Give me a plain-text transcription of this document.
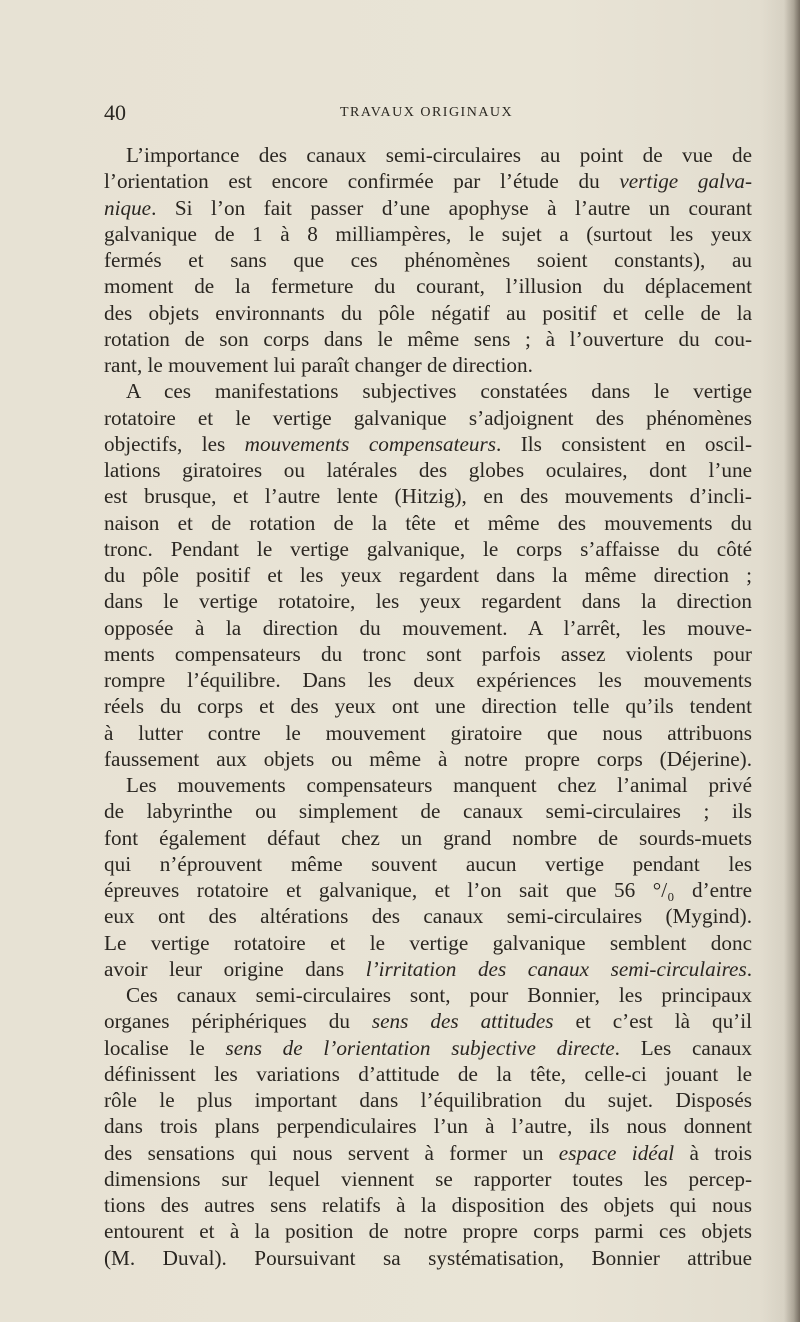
40	TRAVAUX ORIGINAUX
L’importance des canaux semi-circulaires au point de vue de
l’orientation est encore confirmée par l’étude du vertige galva-
nique. Si l’on fait passer d’une apophyse à l’autre un courant
galvanique de 1 à 8 milliampères, le sujet a (surtout les yeux
fermés et sans que ces phénomènes soient constants), au
moment de la fermeture du courant, l’illusion du déplacement
des objets environnants du pôle négatif au positif et celle de la
rotation de son corps dans le même sens ; à l’ouverture du cou-
rant, le mouvement lui paraît changer de direction.
A ces manifestations subjectives constatées dans le vertige
rotatoire et le vertige galvanique s’adjoignent des phénomènes
objectifs, les mouvements compensateurs. Ils consistent en oscil-
lations giratoires ou latérales des globes oculaires, dont l’une
est brusque, et l’autre lente (Hitzig), en des mouvements d’incli-
naison et de rotation de la tête et même des mouvements du
tronc. Pendant le vertige galvanique, le corps s’affaisse du côté
du pôle positif et les yeux regardent dans la même direction ;
dans le vertige rotatoire, les yeux regardent dans la direction
opposée à la direction du mouvement. A l’arrêt, les mouve-
ments compensateurs du tronc sont parfois assez violents pour
rompre l’équilibre. Dans les deux expériences les mouvements
réels du corps et des yeux ont une direction telle qu’ils tendent
à lutter contre le mouvement giratoire que nous attribuons
faussement aux objets ou même à notre propre corps (Déjerine).
Les mouvements compensateurs manquent chez l’animal privé
de labyrinthe ou simplement de canaux semi-circulaires ; ils
font également défaut chez un grand nombre de sourds-muets
qui n’éprouvent même souvent aucun vertige pendant les
épreuves rotatoire et galvanique, et l’on sait que 56 °/₀ d’entre
eux ont des altérations des canaux semi-circulaires (Mygind).
Le vertige rotatoire et le vertige galvanique semblent donc
avoir leur origine dans l’irritation des canaux semi-circulaires.
Ces canaux semi-circulaires sont, pour Bonnier, les principaux
organes périphériques du sens des attitudes et c’est là qu’il
localise le sens de l’orientation subjective directe. Les canaux
définissent les variations d’attitude de la tête, celle-ci jouant le
rôle le plus important dans l’équilibration du sujet. Disposés
dans trois plans perpendiculaires l’un à l’autre, ils nous donnent
des sensations qui nous servent à former un espace idéal à trois
dimensions sur lequel viennent se rapporter toutes les percep-
tions des autres sens relatifs à la disposition des objets qui nous
entourent et à la position de notre propre corps parmi ces objets
(M. Duval). Poursuivant sa systématisation, Bonnier attribue
